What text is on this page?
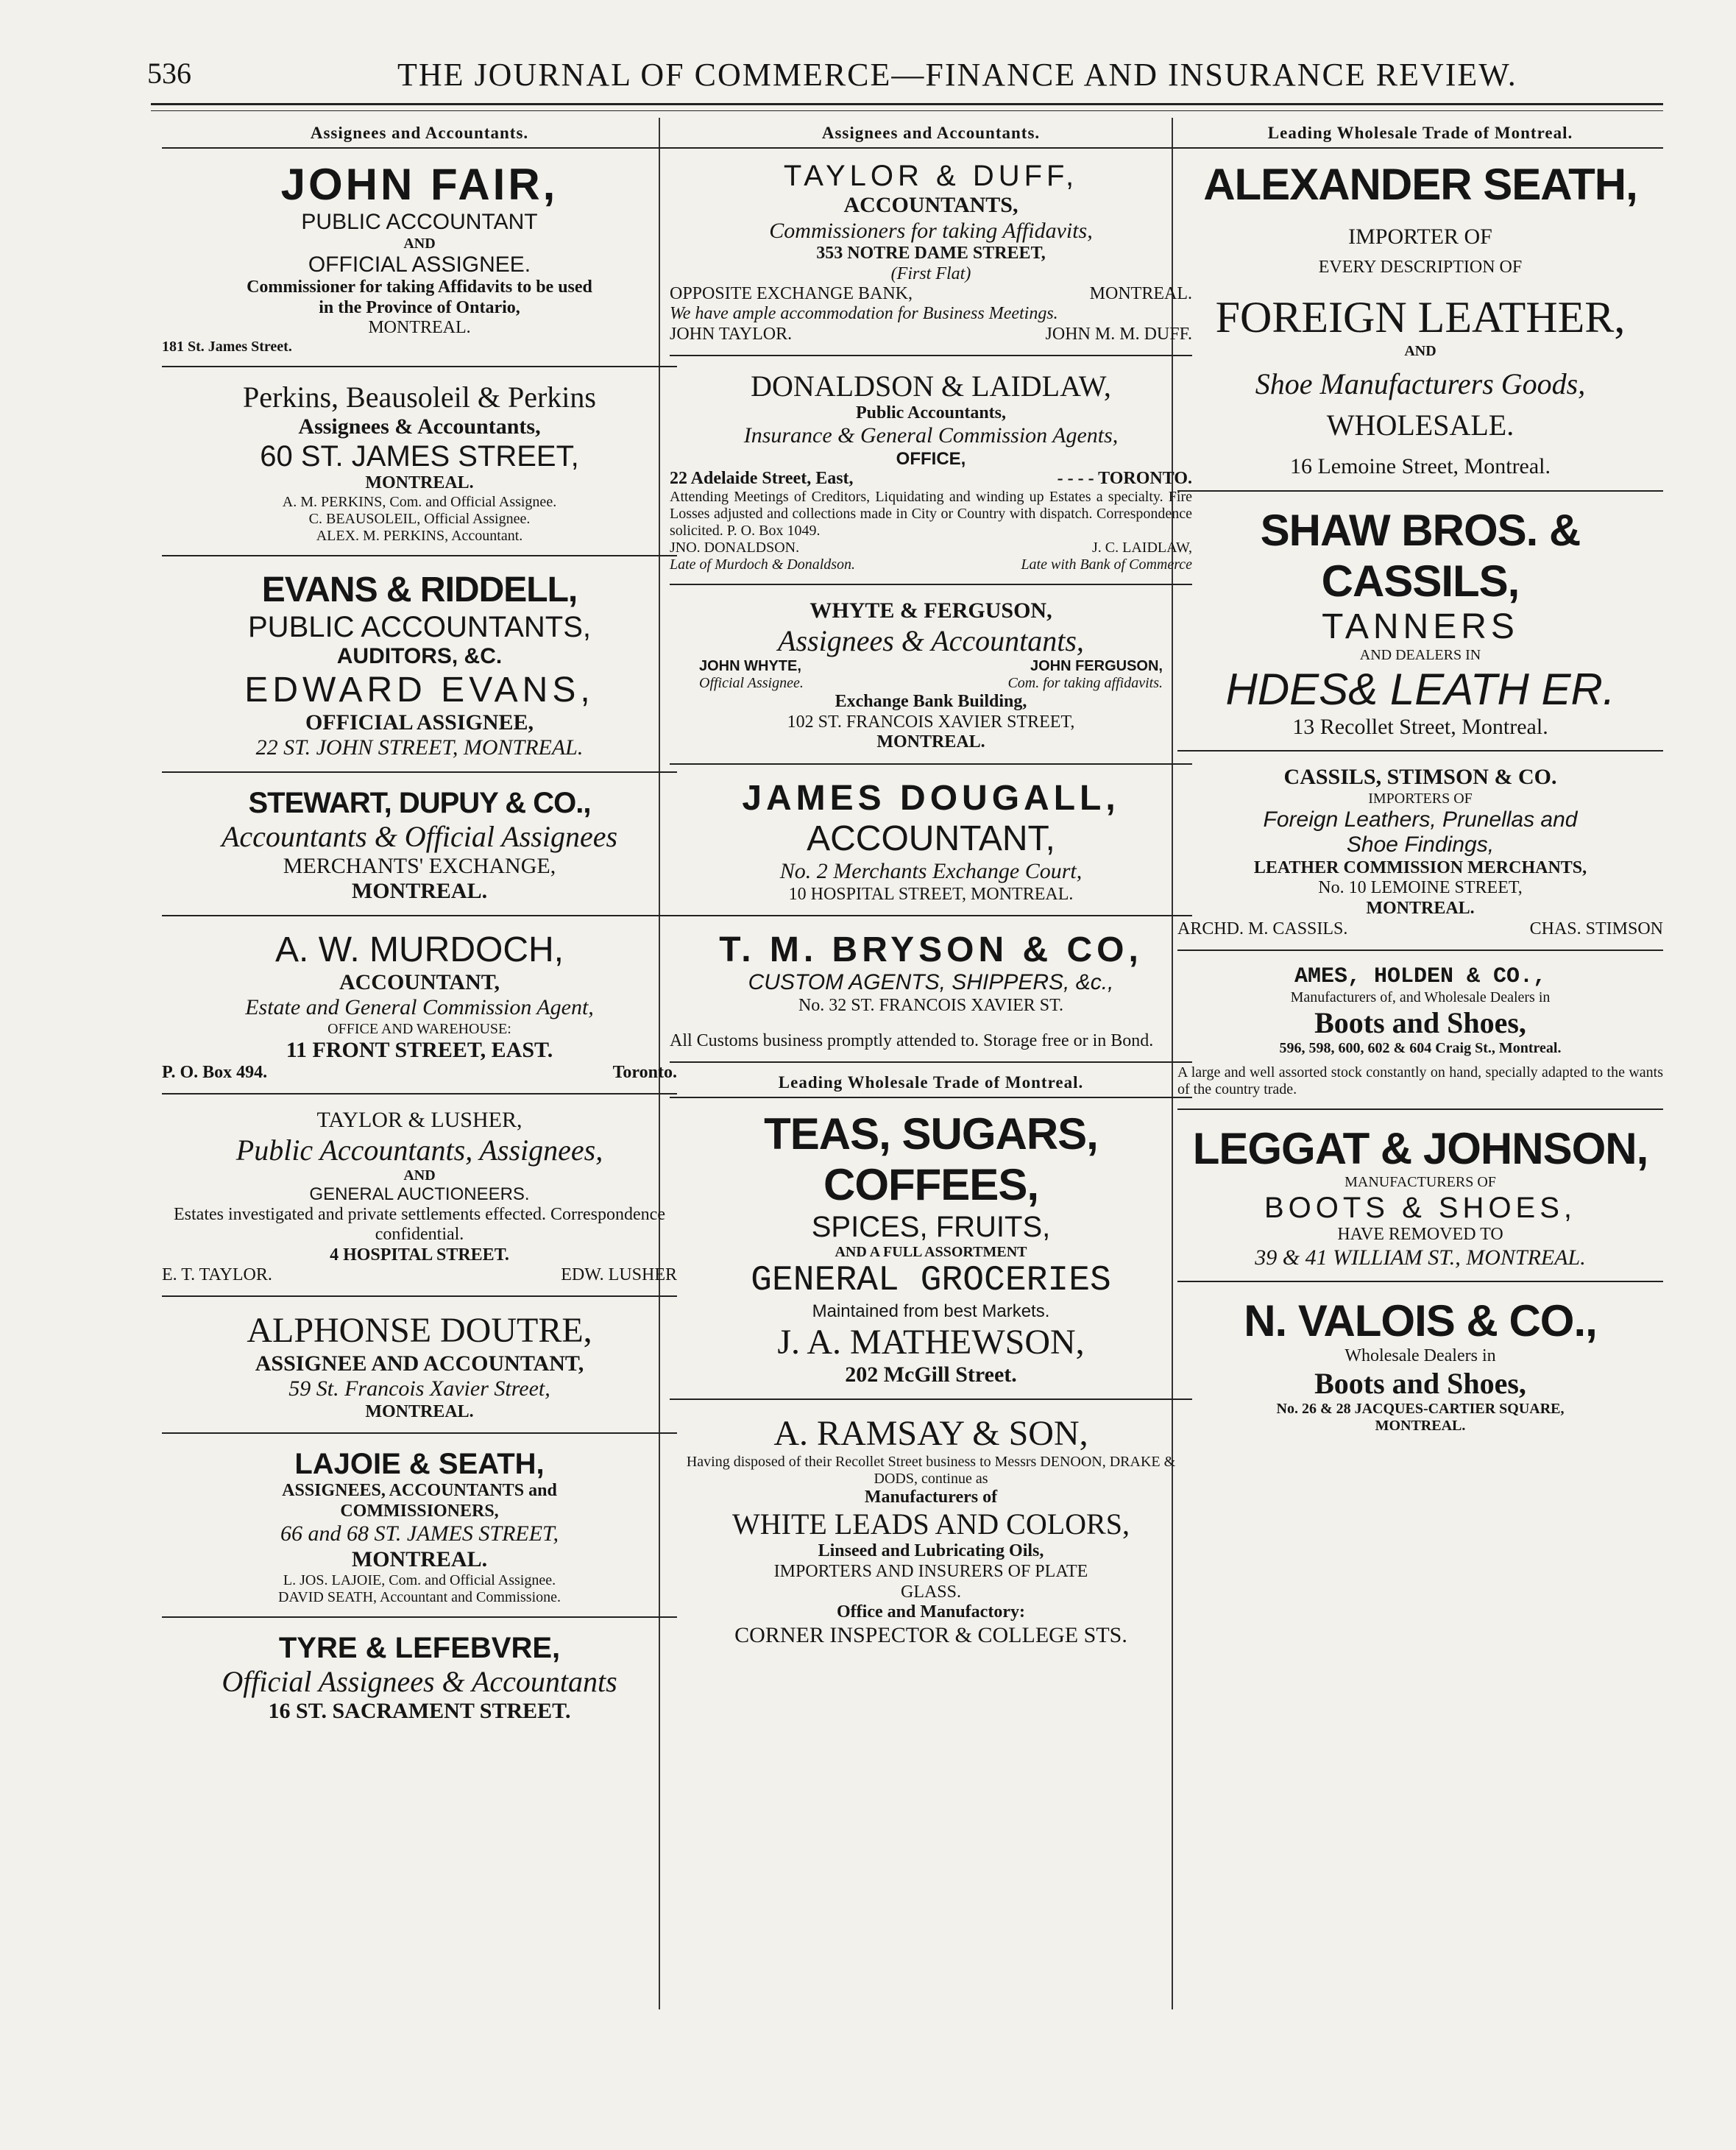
536	THE JOURNAL OF COMMERCE—FINANCE AND INSURANCE REVIEW.
Assignees and Accountants.
JOHN FAIR,
PUBLIC ACCOUNTANT
AND
OFFICIAL ASSIGNEE.
Commissioner for taking Affidavits to be used
in the Province of Ontario,
MONTREAL.
181 St. James Street.
Perkins, Beausoleil & Perkins
Assignees & Accountants,
60 ST. JAMES STREET,
MONTREAL.
A. M. PERKINS, Com. and Official Assignee.
C. BEAUSOLEIL, Official Assignee.
ALEX. M. PERKINS, Accountant.
EVANS & RIDDELL,
PUBLIC ACCOUNTANTS,
AUDITORS, &C.
EDWARD EVANS,
OFFICIAL ASSIGNEE,
22 ST. JOHN STREET, MONTREAL.
STEWART, DUPUY & CO.,
Accountants & Official Assignees
MERCHANTS' EXCHANGE,
MONTREAL.
A. W. MURDOCH,
ACCOUNTANT,
Estate and General Commission Agent,
OFFICE AND WAREHOUSE:
11 FRONT STREET, EAST.
P. O. Box 494.	Toronto.
TAYLOR & LUSHER,
Public Accountants, Assignees,
AND
GENERAL AUCTIONEERS.
Estates investigated and private settlements effected. Correspondence confidential.
4 HOSPITAL STREET.
E. T. TAYLOR.	EDW. LUSHER
ALPHONSE DOUTRE,
ASSIGNEE AND ACCOUNTANT,
59 St. Francois Xavier Street,
MONTREAL.
LAJOIE & SEATH,
ASSIGNEES, ACCOUNTANTS and
COMMISSIONERS,
66 and 68 ST. JAMES STREET,
MONTREAL.
L. JOS. LAJOIE, Com. and Official Assignee.
DAVID SEATH, Accountant and Commissione.
TYRE & LEFEBVRE,
Official Assignees & Accountants
16 ST. SACRAMENT STREET.
Assignees and Accountants.
TAYLOR & DUFF,
ACCOUNTANTS,
Commissioners for taking Affidavits,
353 NOTRE DAME STREET,
(First Flat)
OPPOSITE EXCHANGE BANK,	MONTREAL.
We have ample accommodation for Business Meetings.
JOHN TAYLOR.	JOHN M. M. DUFF.
DONALDSON & LAIDLAW,
Public Accountants,
Insurance & General Commission Agents,
OFFICE,
22 Adelaide Street, East,	- - - - TORONTO.
Attending Meetings of Creditors, Liquidating and winding up Estates a specialty. Fire Losses adjusted and collections made in City or Country with dispatch. Correspondence solicited. P. O. Box 1049.
JNO. DONALDSON.	J. C. LAIDLAW,
Late of Murdoch & Donaldson.	Late with Bank of Commerce
WHYTE & FERGUSON,
Assignees & Accountants,
JOHN WHYTE,	JOHN FERGUSON,
Official Assignee.	Com. for taking affidavits.
Exchange Bank Building,
102 ST. FRANCOIS XAVIER STREET,
MONTREAL.
JAMES DOUGALL,
ACCOUNTANT,
No. 2 Merchants Exchange Court,
10 HOSPITAL STREET, MONTREAL.
T. M. BRYSON & CO,
CUSTOM AGENTS, SHIPPERS, &c.,
No. 32 ST. FRANCOIS XAVIER ST.
All Customs business promptly attended to. Storage free or in Bond.
Leading Wholesale Trade of Montreal.
TEAS, SUGARS, COFFEES,
SPICES, FRUITS,
AND A FULL ASSORTMENT
GENERAL GROCERIES
Maintained from best Markets.
J. A. MATHEWSON,
202 McGill Street.
A. RAMSAY & SON,
Having disposed of their Recollet Street business to Messrs DENOON, DRAKE & DODS, continue as
Manufacturers of
WHITE LEADS AND COLORS,
Linseed and Lubricating Oils,
IMPORTERS AND INSURERS OF PLATE
GLASS.
Office and Manufactory:
CORNER INSPECTOR & COLLEGE STS.
Leading Wholesale Trade of Montreal.
ALEXANDER SEATH,
IMPORTER OF
EVERY DESCRIPTION OF
FOREIGN LEATHER,
AND
Shoe Manufacturers Goods,
WHOLESALE.
16 Lemoine Street, Montreal.
SHAW BROS. & CASSILS,
TANNERS
AND DEALERS IN
HDES& LEATH ER.
13 Recollet Street, Montreal.
CASSILS, STIMSON & CO.
IMPORTERS OF
Foreign Leathers, Prunellas and
Shoe Findings,
LEATHER COMMISSION MERCHANTS,
No. 10 LEMOINE STREET,
MONTREAL.
ARCHD. M. CASSILS.	CHAS. STIMSON
AMES, HOLDEN & CO.,
Manufacturers of, and Wholesale Dealers in
Boots and Shoes,
596, 598, 600, 602 & 604 Craig St., Montreal.
A large and well assorted stock constantly on hand, specially adapted to the wants of the country trade.
LEGGAT & JOHNSON,
MANUFACTURERS OF
BOOTS & SHOES,
HAVE REMOVED TO
39 & 41 WILLIAM ST., MONTREAL.
N. VALOIS & CO.,
Wholesale Dealers in
Boots and Shoes,
No. 26 & 28 JACQUES-CARTIER SQUARE,
MONTREAL.
